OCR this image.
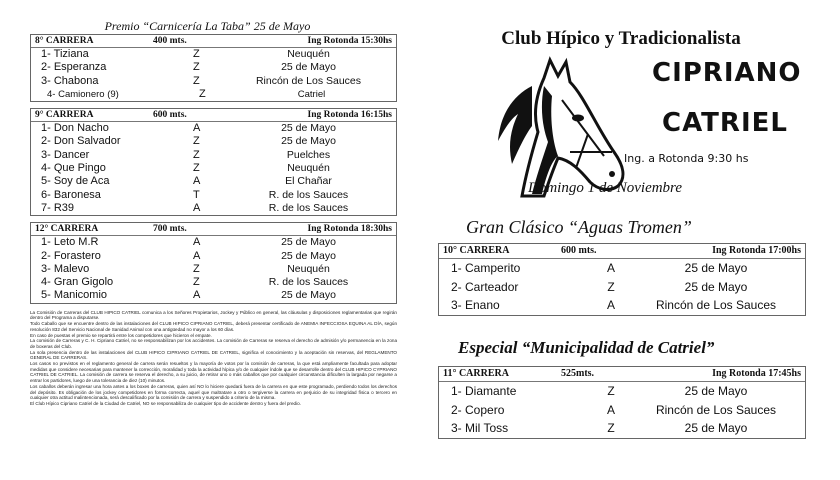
Premio “Carnicería La Taba” 25 de Mayo
8° CARRERA	400 mts.	Ing Rotonda 15:30hs
1- Tiziana	Z	Neuquén
2- Esperanza	Z	25 de Mayo
3- Chabona	Z	Rincón de Los Sauces
4- Camionero (9)	Z	Catriel
9° CARRERA	600 mts.	Ing Rotonda 16:15hs
1- Don Nacho	A	25 de Mayo
2- Don Salvador	Z	25 de Mayo
3- Dancer	Z	Puelches
4- Que Pingo	Z	Neuquén
5- Soy de Aca	A	El Chañar
6- Baronesa	T	R. de los Sauces
7- R39	A	R. de los Sauces
12° CARRERA	700 mts.	Ing Rotonda 18:30hs
1- Leto M.R	A	25 de Mayo
2- Forastero	A	25 de Mayo
3- Malevo	Z	Neuquén
4- Gran Gigolo	Z	R. de los Sauces
5- Manicomio	A	25 de Mayo

La Comisión de Carreras del CLUB HIPICO CATRIEL comunica a los Señores Propietarios, Jockey y Público en general, las cláusulas y disposiciones reglamentarias que regirán dentro del Programa a disputarse.

Todo Caballo que se encuentre dentro de las instalaciones del CLUB HIPICO CIPRIANO CATRIEL, deberá presentar certificado de ANEMIA INFECCIOSA EQUINA AL DÍA, según resolución 832 del Servicio Nacional de Sanidad Animal con una antigüedad no mayor a los 60 días.

En caso de puestas el premio se repartirá entre los competidores que hicieron el empate.

La comisión de Carreras y C. H. Cipriano Catriel, no se responsabilizan por los accidentes. La comisión de Carreras se reserva el derecho de admisión y/o permanencia en la zona de boxeras del Club.

La sola presencia dentro de las instalaciones del CLUB HIPICO CIPRIANO CATRIEL DE CATRIEL, significa el conocimiento y la aceptación sin reservas, del REGLAMENTO GENERAL DE CARRERAS.

Los casos no previstos en el reglamento general de carrera serán resueltos y la mayoría de votos por la comisión de carreras, la que está ampliamente facultada para adoptar medidas que considere necesarias para mantener la corrección, moralidad y toda la actividad hípica y/o de cualquier índole que se desarrolle dentro del CLUB HIPICO CYPRIANO CATRIEL DE CATRIEL. La comisión de carrera se reserva el derecho, a su juicio, de retirar uno o más caballos que por cualquier circunstancia dificulten la largada por negarse a entrar los partidores, luego de una tolerancia de diez (10) minutos.

Los caballos deberán ingresar una hora antes a los boxes de carreras, quien así NO lo hiciere quedará fuera de la carrera en que este programado, perdiendo todos los derechos del depósito. Es obligación de los jockey competidores en forma correcta, aquel que maltratare a otro o tergiverse la carrera en perjuicio de su integridad física o tercero en cualquier otra actitud malintencionada, será descalificado por la comisión de carrera y suspendido a criterio de la misma.

El Club Hípico Cipriano Catriel de la Ciudad de Catriel, NO se responsabiliza de cualquier tipo de accidente dentro y fuera del predio.

Club Hípico y Tradicionalista
CIPRIANO
CATRIEL
Ing. a Rotonda 9:30 hs
Domingo 1 de Noviembre
Gran Clásico “Aguas Tromen”
10° CARRERA	600 mts.	Ing Rotonda 17:00hs
1- Camperito	A	25 de Mayo
2- Carteador	Z	25 de Mayo
3- Enano	A	Rincón de Los Sauces
Especial “Municipalidad de Catriel”
11° CARRERA	525mts.	Ing Rotonda 17:45hs
1- Diamante	Z	25 de Mayo
2- Copero	A	Rincón de Los Sauces
3- Mil Toss	Z	25 de Mayo
